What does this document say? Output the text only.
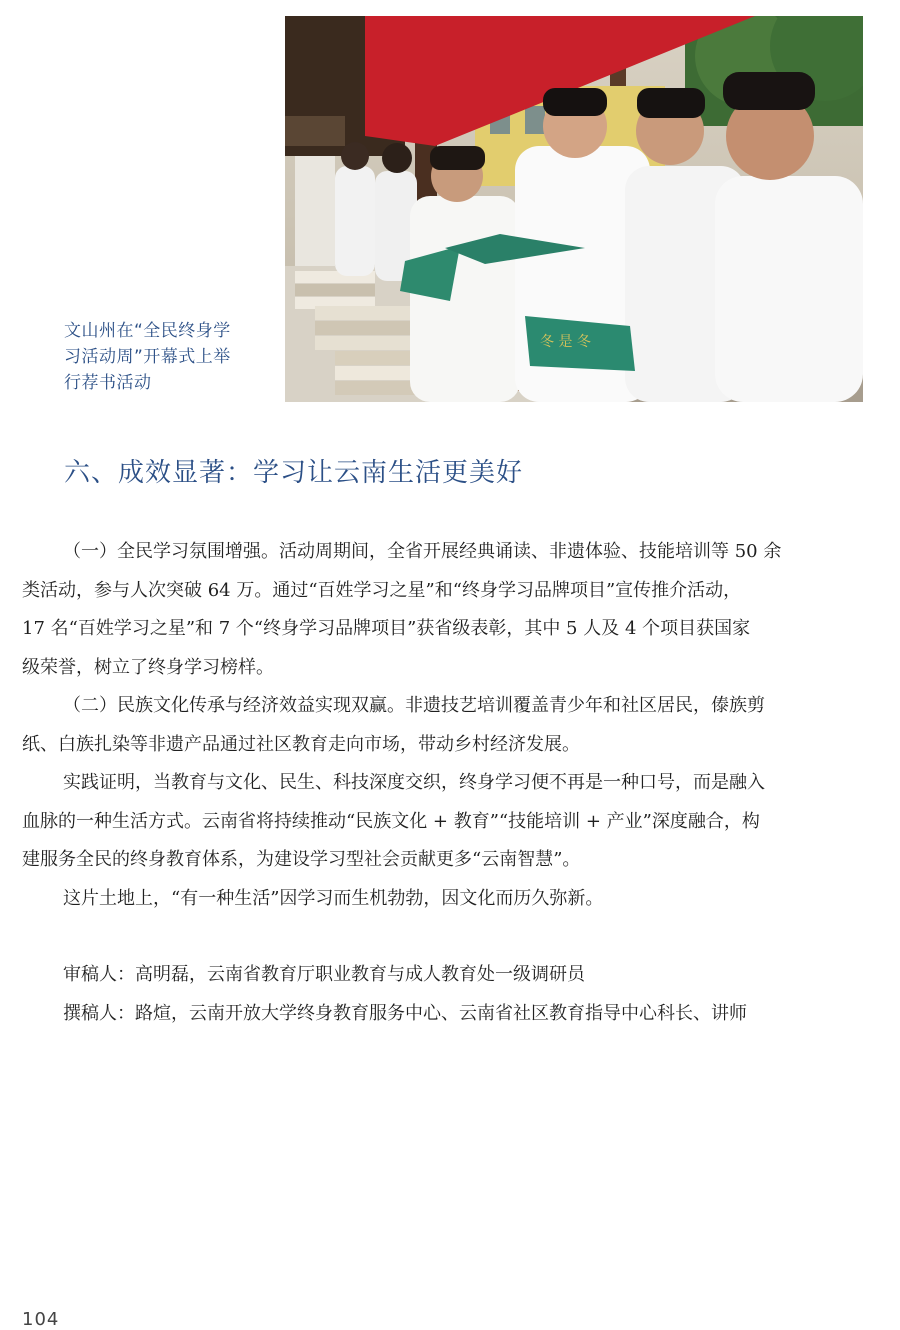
冬 是 冬
文山州在“全民终身学
习活动周”开幕式上举
行荐书活动
六、成效显著：学习让云南生活更美好
（一）全民学习氛围增强。活动周期间，全省开展经典诵读、非遗体验、技能培训等 50 余
类活动，参与人次突破 64 万。通过“百姓学习之星”和“终身学习品牌项目”宣传推介活动，
17 名“百姓学习之星”和 7 个“终身学习品牌项目”获省级表彰，其中 5 人及 4 个项目获国家
级荣誉，树立了终身学习榜样。
（二）民族文化传承与经济效益实现双赢。非遗技艺培训覆盖青少年和社区居民，傣族剪
纸、白族扎染等非遗产品通过社区教育走向市场，带动乡村经济发展。
实践证明，当教育与文化、民生、科技深度交织，终身学习便不再是一种口号，而是融入
血脉的一种生活方式。云南省将持续推动“民族文化 + 教育”“技能培训 + 产业”深度融合，构
建服务全民的终身教育体系，为建设学习型社会贡献更多“云南智慧”。
这片土地上，“有一种生活”因学习而生机勃勃，因文化而历久弥新。
审稿人：高明磊，云南省教育厅职业教育与成人教育处一级调研员
撰稿人：路煊，云南开放大学终身教育服务中心、云南省社区教育指导中心科长、讲师
104
